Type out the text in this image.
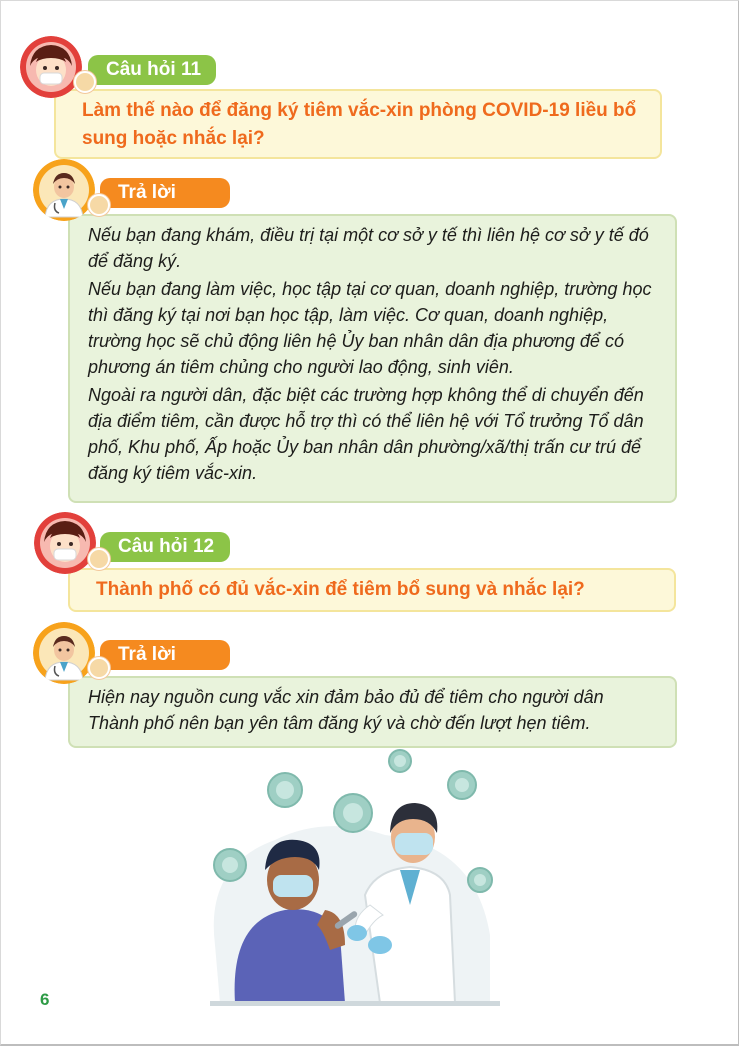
Làm thế nào để đăng ký tiêm vắc-xin phòng COVID-19 liều bổ sung hoặc nhắc lại?
Câu hỏi 11

Nếu bạn đang khám, điều trị tại một cơ sở y tế thì liên hệ cơ sở y tế đó để đăng ký.

Nếu bạn đang làm việc, học tập tại cơ quan, doanh nghiệp, trường học thì đăng ký tại nơi bạn học tập, làm việc. Cơ quan, doanh nghiệp, trường học sẽ chủ động liên hệ Ủy ban nhân dân địa phương để có phương án tiêm chủng cho người lao động, sinh viên.

Ngoài ra người dân, đặc biệt các trường hợp không thể di chuyển đến địa điểm tiêm, cần được hỗ trợ thì có thể liên hệ với Tổ trưởng Tổ dân phố, Khu phố, Ấp hoặc Ủy ban nhân dân phường/xã/thị trấn cư trú để đăng ký tiêm vắc-xin.

Trả lời
Thành phố có đủ vắc-xin để tiêm bổ sung và nhắc lại?
Câu hỏi 12

Hiện nay nguồn cung vắc xin đảm bảo đủ để tiêm cho người dân Thành phố nên bạn yên tâm đăng ký và chờ đến lượt hẹn tiêm.

Trả lời
6
